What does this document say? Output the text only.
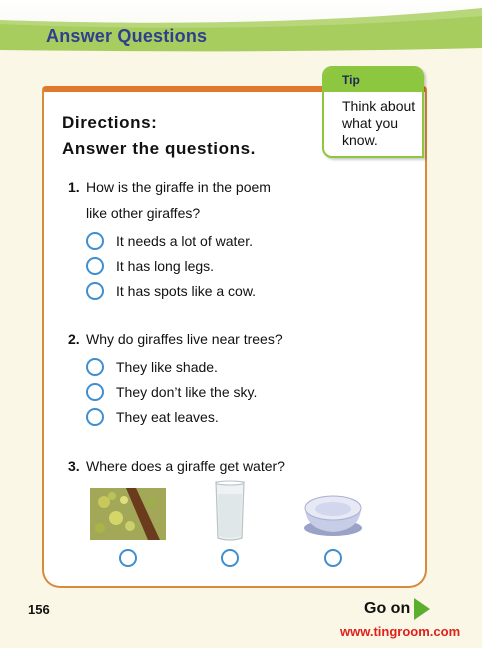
Answer Questions
Directions:
Answer the questions.
Tip
Think about
what you
know.
1. How is the giraffe in the poem
like other giraffes?
It needs a lot of water.
It has long legs.
It has spots like a cow.
2. Why do giraffes live near trees?
They like shade.
They don’t like the sky.
They eat leaves.
3. Where does a giraffe get water?
156	Go on
www.tingroom.com
